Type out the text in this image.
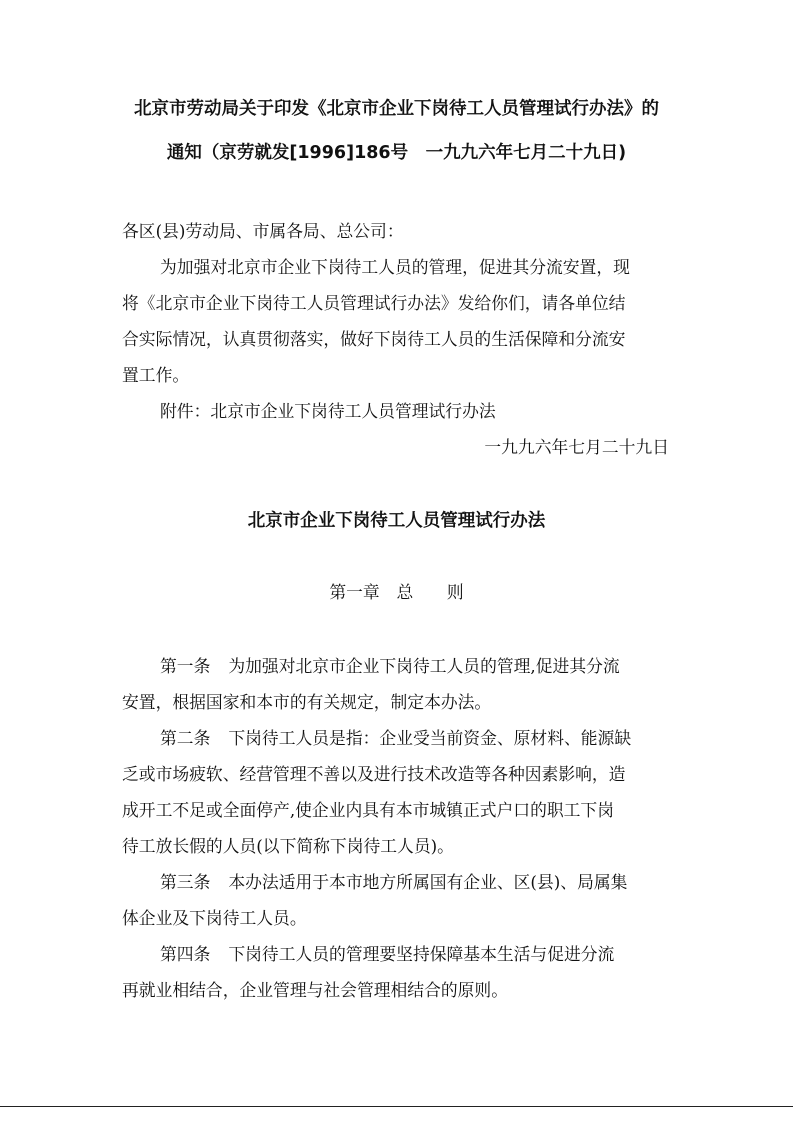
北京市劳动局关于印发《北京市企业下岗待工人员管理试行办法》的
通知（京劳就发[1996]186号　一九九六年七月二十九日)
各区(县)劳动局、市属各局、总公司：
为加强对北京市企业下岗待工人员的管理，促进其分流安置，现
将《北京市企业下岗待工人员管理试行办法》发给你们，请各单位结
合实际情况，认真贯彻落实，做好下岗待工人员的生活保障和分流安
置工作。
附件：北京市企业下岗待工人员管理试行办法
一九九六年七月二十九日
北京市企业下岗待工人员管理试行办法
第一章　总　　则
第一条 为加强对北京市企业下岗待工人员的管理,促进其分流
安置，根据国家和本市的有关规定，制定本办法。
第二条 下岗待工人员是指：企业受当前资金、原材料、能源缺
乏或市场疲软、经营管理不善以及进行技术改造等各种因素影响，造
成开工不足或全面停产,使企业内具有本市城镇正式户口的职工下岗
待工放长假的人员(以下简称下岗待工人员)。
第三条 本办法适用于本市地方所属国有企业、区(县)、局属集
体企业及下岗待工人员。
第四条 下岗待工人员的管理要坚持保障基本生活与促进分流
再就业相结合，企业管理与社会管理相结合的原则。
